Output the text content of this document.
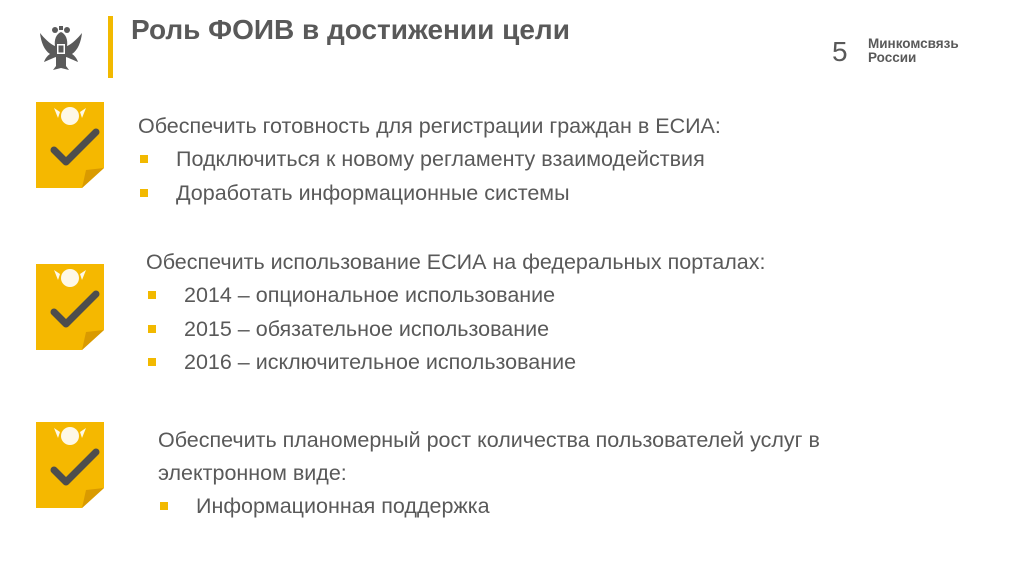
Роль ФОИВ в достижении цели
5 Минкомсвязь
России
Обеспечить готовность для регистрации граждан в ЕСИА:
Подключиться к новому регламенту взаимодействия
Доработать информационные системы
Обеспечить использование ЕСИА на федеральных порталах:
2014 – опциональное использование
2015 – обязательное использование
2016 – исключительное использование
Обеспечить планомерный рост количества пользователей услуг в
электронном виде:
Информационная поддержка
